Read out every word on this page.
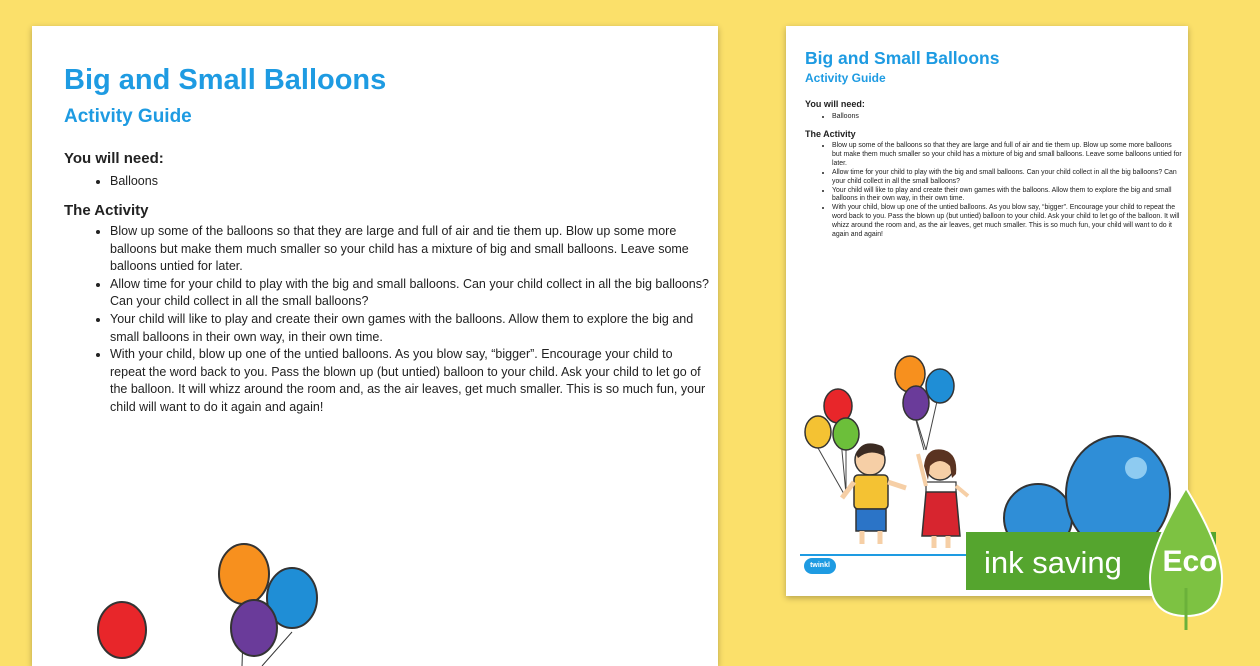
Big and Small Balloons
Activity Guide
You will need:
• Balloons
The Activity
• Blow up some of the balloons so that they are large and full of air and tie them up. Blow up some more balloons but make them much smaller so your child has a mixture of big and small balloons. Leave some balloons untied for later.
• Allow time for your child to play with the big and small balloons. Can your child collect in all the big balloons? Can your child collect in all the small balloons?
• Your child will like to play and create their own games with the balloons. Allow them to explore the big and small balloons in their own way, in their own time.
• With your child, blow up one of the untied balloons. As you blow say, “bigger”. Encourage your child to repeat the word back to you. Pass the blown up (but untied) balloon to your child. Ask your child to let go of the balloon. It will whizz around the room and, as the air leaves, get much smaller. This is so much fun, your child will want to do it again and again!
Big and Small Balloons
Activity Guide
You will need:
• Balloons
The Activity
• Blow up some of the balloons so that they are large and full of air and tie them up. Blow up some more balloons but make them much smaller so your child has a mixture of big and small balloons. Leave some balloons untied for later.
• Allow time for your child to play with the big and small balloons. Can your child collect in all the big balloons? Can your child collect in all the small balloons?
• Your child will like to play and create their own games with the balloons. Allow them to explore the big and small balloons in their own way, in their own time.
• With your child, blow up one of the untied balloons. As you blow say, “bigger”. Encourage your child to repeat the word back to you. Pass the blown up (but untied) balloon to your child. Ask your child to let go of the balloon. It will whizz around the room and, as the air leaves, get much smaller. This is so much fun, your child will want to do it again and again!
twinkl	ink saving Eco
